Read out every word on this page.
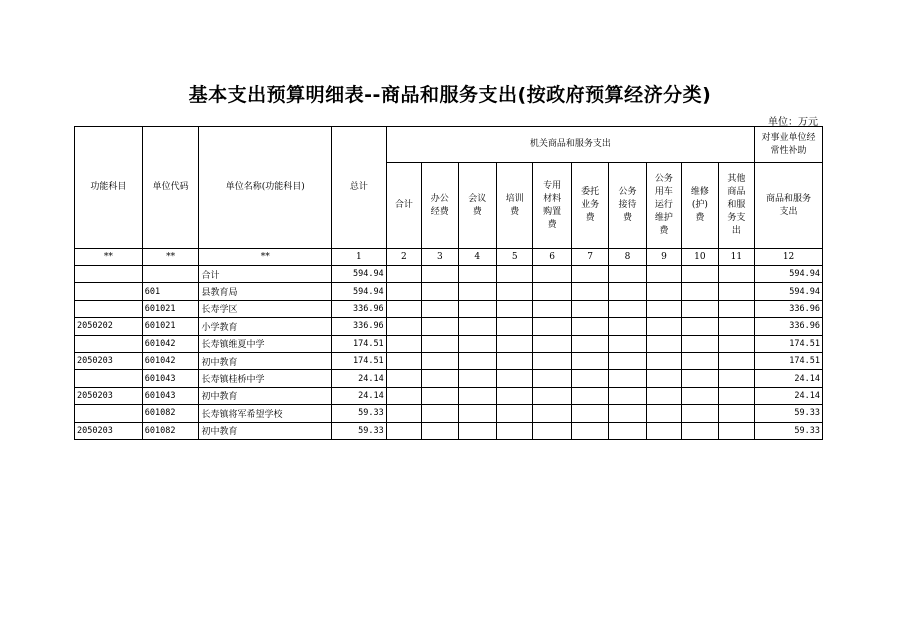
基本支出预算明细表--商品和服务支出(按政府预算经济分类)
单位：万元
功能科目	单位代码	单位名称(功能科目)	总计	机关商品和服务支出										对事业单位经常性补助
				合计	办公经费	会议费	培训费	专用材料购置费	委托业务费	公务接待费	公务用车运行维护费	维修(护)费	其他商品和服务支出	商品和服务支出
**	**	**	1	2	3	4	5	6	7	8	9	10	11	12
		合计	594.94											594.94
	601	县教育局	594.94											594.94
	601021	长寿学区	336.96											336.96
2050202	601021	小学教育	336.96											336.96
	601042	长寿镇维夏中学	174.51											174.51
2050203	601042	初中教育	174.51											174.51
	601043	长寿镇桂桥中学	24.14											24.14
2050203	601043	初中教育	24.14											24.14
	601082	长寿镇将军希望学校	59.33											59.33
2050203	601082	初中教育	59.33											59.33
